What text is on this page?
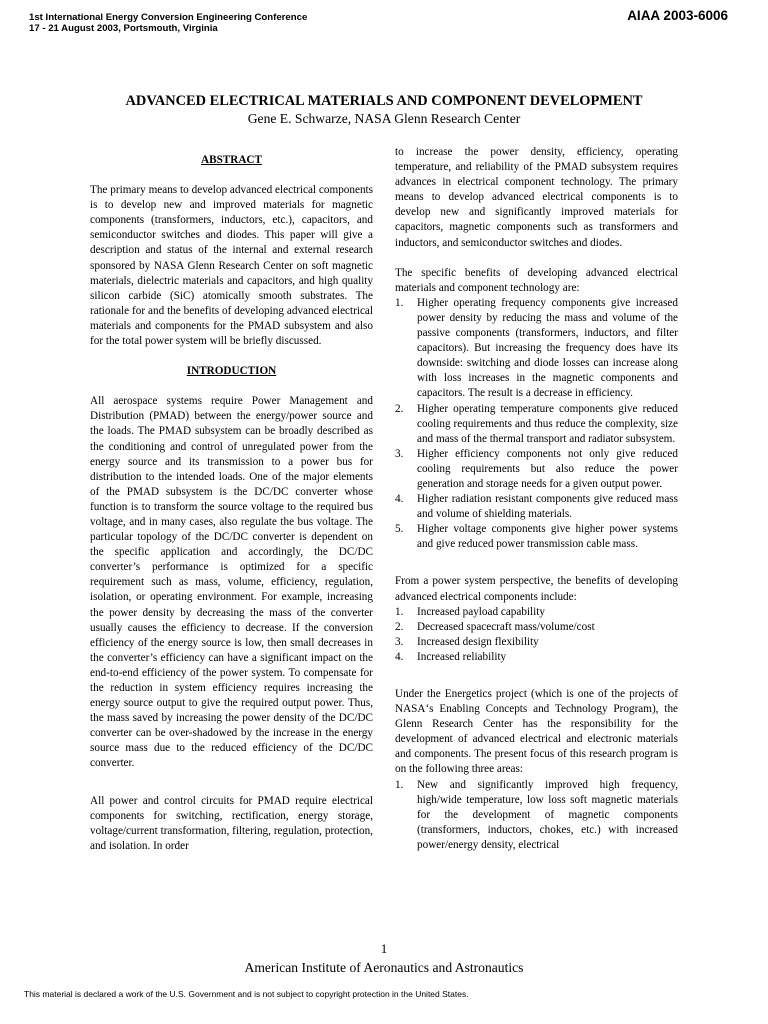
1st International Energy Conversion Engineering Conference
17 - 21 August 2003, Portsmouth, Virginia
AIAA 2003-6006
ADVANCED ELECTRICAL MATERIALS AND COMPONENT DEVELOPMENT
Gene E. Schwarze, NASA Glenn Research Center

ABSTRACT

The primary means to develop advanced electrical components is to develop new and improved materials for magnetic components (transformers, inductors, etc.), capacitors, and semiconductor switches and diodes. This paper will give a description and status of the internal and external research sponsored by NASA Glenn Research Center on soft magnetic materials, dielectric materials and capacitors, and high quality silicon carbide (SiC) atomically smooth substrates. The rationale for and the benefits of developing advanced electrical materials and components for the PMAD subsystem and also for the total power system will be briefly discussed.

INTRODUCTION

All aerospace systems require Power Management and Distribution (PMAD) between the energy/power source and the loads. The PMAD subsystem can be broadly described as the conditioning and control of unregulated power from the energy source and its transmission to a power bus for distribution to the intended loads. One of the major elements of the PMAD subsystem is the DC/DC converter whose function is to transform the source voltage to the required bus voltage, and in many cases, also regulate the bus voltage. The particular topology of the DC/DC converter is dependent on the specific application and accordingly, the DC/DC converter’s performance is optimized for a specific requirement such as mass, volume, efficiency, regulation, isolation, or operating environment. For example, increasing the power density by decreasing the mass of the converter usually causes the efficiency to decrease. If the conversion efficiency of the energy source is low, then small decreases in the converter’s efficiency can have a significant impact on the end-to-end efficiency of the power system. To compensate for the reduction in system efficiency requires increasing the energy source output to give the required output power. Thus, the mass saved by increasing the power density of the DC/DC converter can be over-shadowed by the increase in the energy source mass due to the reduced efficiency of the DC/DC converter.

All power and control circuits for PMAD require electrical components for switching, rectification, energy storage, voltage/current transformation, filtering, regulation, protection, and isolation. In order

to increase the power density, efficiency, operating temperature, and reliability of the PMAD subsystem requires advances in electrical component technology. The primary means to develop advanced electrical components is to develop new and significantly improved materials for capacitors, magnetic components such as transformers and inductors, and semiconductor switches and diodes.

The specific benefits of developing advanced electrical materials and component technology are:

1. Higher operating frequency components give increased power density by reducing the mass and volume of the passive components (transformers, inductors, and filter capacitors). But increasing the frequency does have its downside: switching and diode losses can increase along with loss increases in the magnetic components and capacitors. The result is a decrease in efficiency.
2. Higher operating temperature components give reduced cooling requirements and thus reduce the complexity, size and mass of the thermal transport and radiator subsystem.
3. Higher efficiency components not only give reduced cooling requirements but also reduce the power generation and storage needs for a given output power.
4. Higher radiation resistant components give reduced mass and volume of shielding materials.
5. Higher voltage components give higher power systems and give reduced power transmission cable mass.

From a power system perspective, the benefits of developing advanced electrical components include:

1. Increased payload capability
2. Decreased spacecraft mass/volume/cost
3. Increased design flexibility
4. Increased reliability

Under the Energetics project (which is one of the projects of NASA‘s Enabling Concepts and Technology Program), the Glenn Research Center has the responsibility for the development of advanced electrical and electronic materials and components. The present focus of this research program is on the following three areas:

1. New and significantly improved high frequency, high/wide temperature, low loss soft magnetic materials for the development of magnetic components (transformers, inductors, chokes, etc.) with increased power/energy density, electrical
1
American Institute of Aeronautics and Astronautics
This material is declared a work of the U.S. Government and is not subject to copyright protection in the United States.
